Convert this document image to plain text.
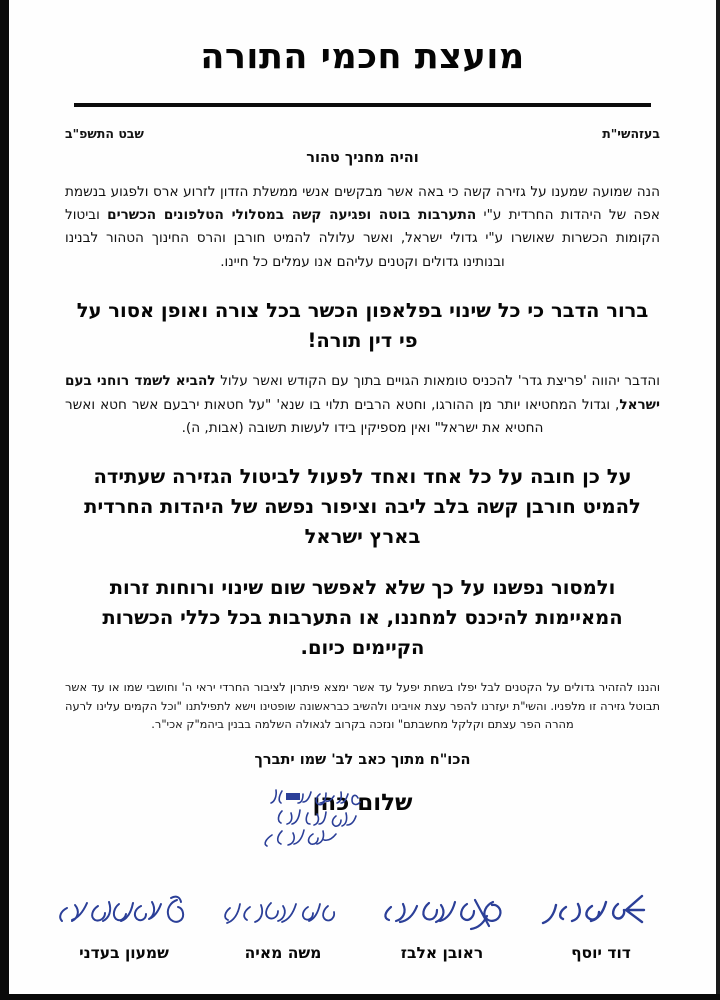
מועצת חכמי התורה
בעזהשי"ת
שבט התשפ"ב
והיה מחניך טהור

הנה שמועה שמענו על גזירה קשה כי באה אשר מבקשים אנשי ממשלת הזדון לזרוע ארס ולפגוע בנשמת אפה של היהדות החרדית ע"י התערבות בוטה ופגיעה קשה במסלולי הטלפונים הכשרים וביטול הקומות הכשרות שאושרו ע"י גדולי ישראל, ואשר עלולה להמיט חורבן והרס החינוך הטהור לבנינו ובנותינו גדולים וקטנים עליהם אנו עמלים כל חיינו.

ברור הדבר כי כל שינוי בפלאפון הכשר בכל צורה ואופן אסור על פי דין תורה!

והדבר יהווה 'פריצת גדר' להכניס טומאות הגויים בתוך עם הקודש ואשר עלול להביא לשמד רוחני בעם ישראל, וגדול המחטיאו יותר מן ההורגו, וחטא הרבים תלוי בו שנא' "על חטאות ירבעם אשר חטא ואשר החטיא את ישראל" ואין מספיקין בידו לעשות תשובה (אבות, ה).

על כן חובה על כל אחד ואחד לפעול לביטול הגזירה שעתידה להמיט חורבן קשה בלב ליבה וציפור נפשה של היהדות החרדית בארץ ישראל

ולמסור נפשנו על כך שלא לאפשר שום שינוי ורוחות זרות המאיימות להיכנס למחננו, או התערבות בכל כללי הכשרות הקיימים כיום.

והננו להזהיר גדולים על הקטנים לבל יפלו בשחת יפעל עד אשר ימצא פיתרון לציבור החרדי יראי ה' וחושבי שמו או עד אשר תבוטל גזירה זו מלפניו. והשי"ת יעזרנו להפר עצת אויבינו ולהשיב כבראשונה שופטינו וישא לתפילתנו "וכל הקמים עלינו לרעה מהרה הפר עצתם וקלקל מחשבתם" ונזכה בקרוב לגאולה השלמה בבנין ביהמ"ק אכי"ר.

הכו"ח מתוך כאב לב' שמו יתברך
שלום כהן
שמעון בעדני	משה מאיה	ראובן אלבז	דוד יוסף
